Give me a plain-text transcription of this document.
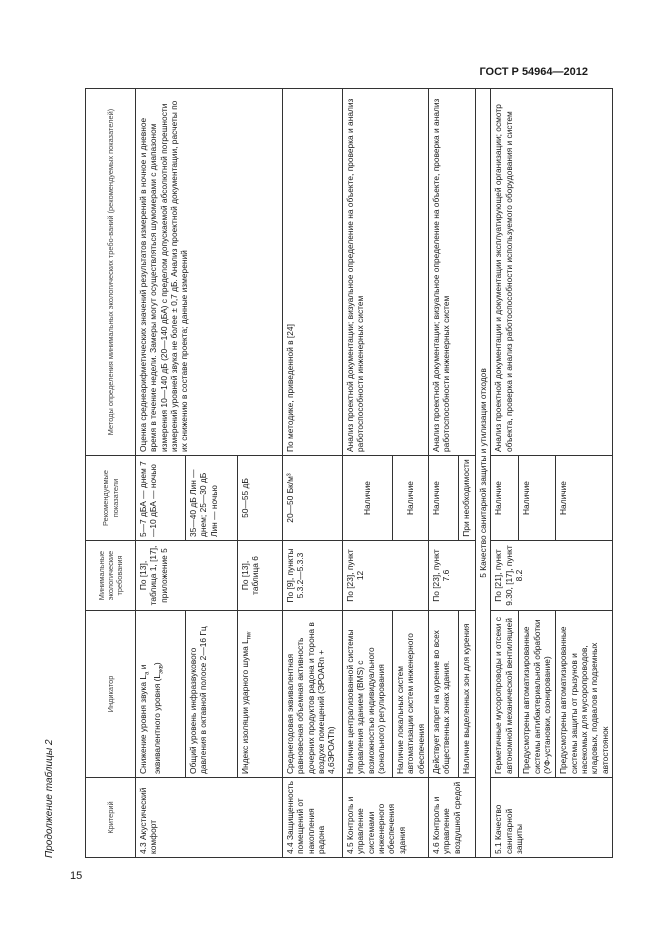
ГОСТ Р 54964—2012
Продолжение таблицы 2	Критерий	Индикатор	Минимальные экологические требования	Рекомендуемые показатели	Методы определения минимальных экологических требо-ваний (рекомендуемых показателей)
4.3 Акустический комфорт	Снижение уровня звука $L_а$ и эквивалентного уровня $(L_{экв})$	По [13], таблица 1, [17], приложение 5	5—7 дБА — днем 7—10 дБА — ночью	Оценка среднеарифметических значений результатов измерений в ночное и дневное время в течение недели. Замеры могут осуществляться шумомерами с диапазоном измерения 10—140 дБ (20—140 дБА) с пределом допускаемой абсолютной погрешности измерений уровней звука не более ± 0,7 дБ. Анализ проектной документации, расчеты по их снижению в составе проекта; данные измерений
	Общий уровень инфразвукового давления в октавной полосе 2—16 Гц		35—40 дБ Лин — днем; 25—30 дБ Лин — ночью	
	Индекс изоляции ударного шума $L_{пw}$	По [13], таблица 6	50—55 дБ	
4.4 Защищенность помещений от накопления радона	Среднегодовая эквивалентная равновесная объемная активность дочерних продуктов радона и торона в воздухе помещений (ЭРОАRn + 4,6ЭРОАTh)	По [9], пункты 5.3.2—5.3.3	20—50 Бк/м³	По методике, приведенной в [24]
4.5 Контроль и управление системами инженерного обеспечения здания	Наличие централизованной системы управления зданием (BMS) с возможностью индивидуального (зонального) регулирования	По [23], пункт 12	Наличие	Анализ проектной документации; визуальное определение на объекте, проверка и анализ работоспособности инженерных систем
	Наличие локальных систем автоматизации систем инженерного обеспечения		Наличие	
4.6 Контроль и управление воздушной средой	Действует запрет на курение во всех общественных зонах здания.	По [23], пункт 7.6	Наличие	Анализ проектной документации; визуальное определение на объекте, проверка и анализ работоспособности инженерных систем
	Наличие выделенных зон для курения		При необходимости	
5 Качество санитарной защиты и утилизации отходов				
5.1 Качество санитарной защиты	Герметичные мусоропроводы и отсеки с автономной механической вентиляцией	По [21], пункт 9.30, [17], пункт 8.2	Наличие	Анализ проектной документации и документации эксплуатирующей организации; осмотр объекта, проверка и анализ работоспособности используемого оборудования и систем
	Предусмотрены автоматизированные системы антибактериальной обработки (УФ-установки, озонирование)		Наличие	
	Предусмотрены автоматизированные системы защиты от грызунов и насекомых для мусоропроводов, кладовых, подвалов и подземных автостоянок		Наличие	
15
